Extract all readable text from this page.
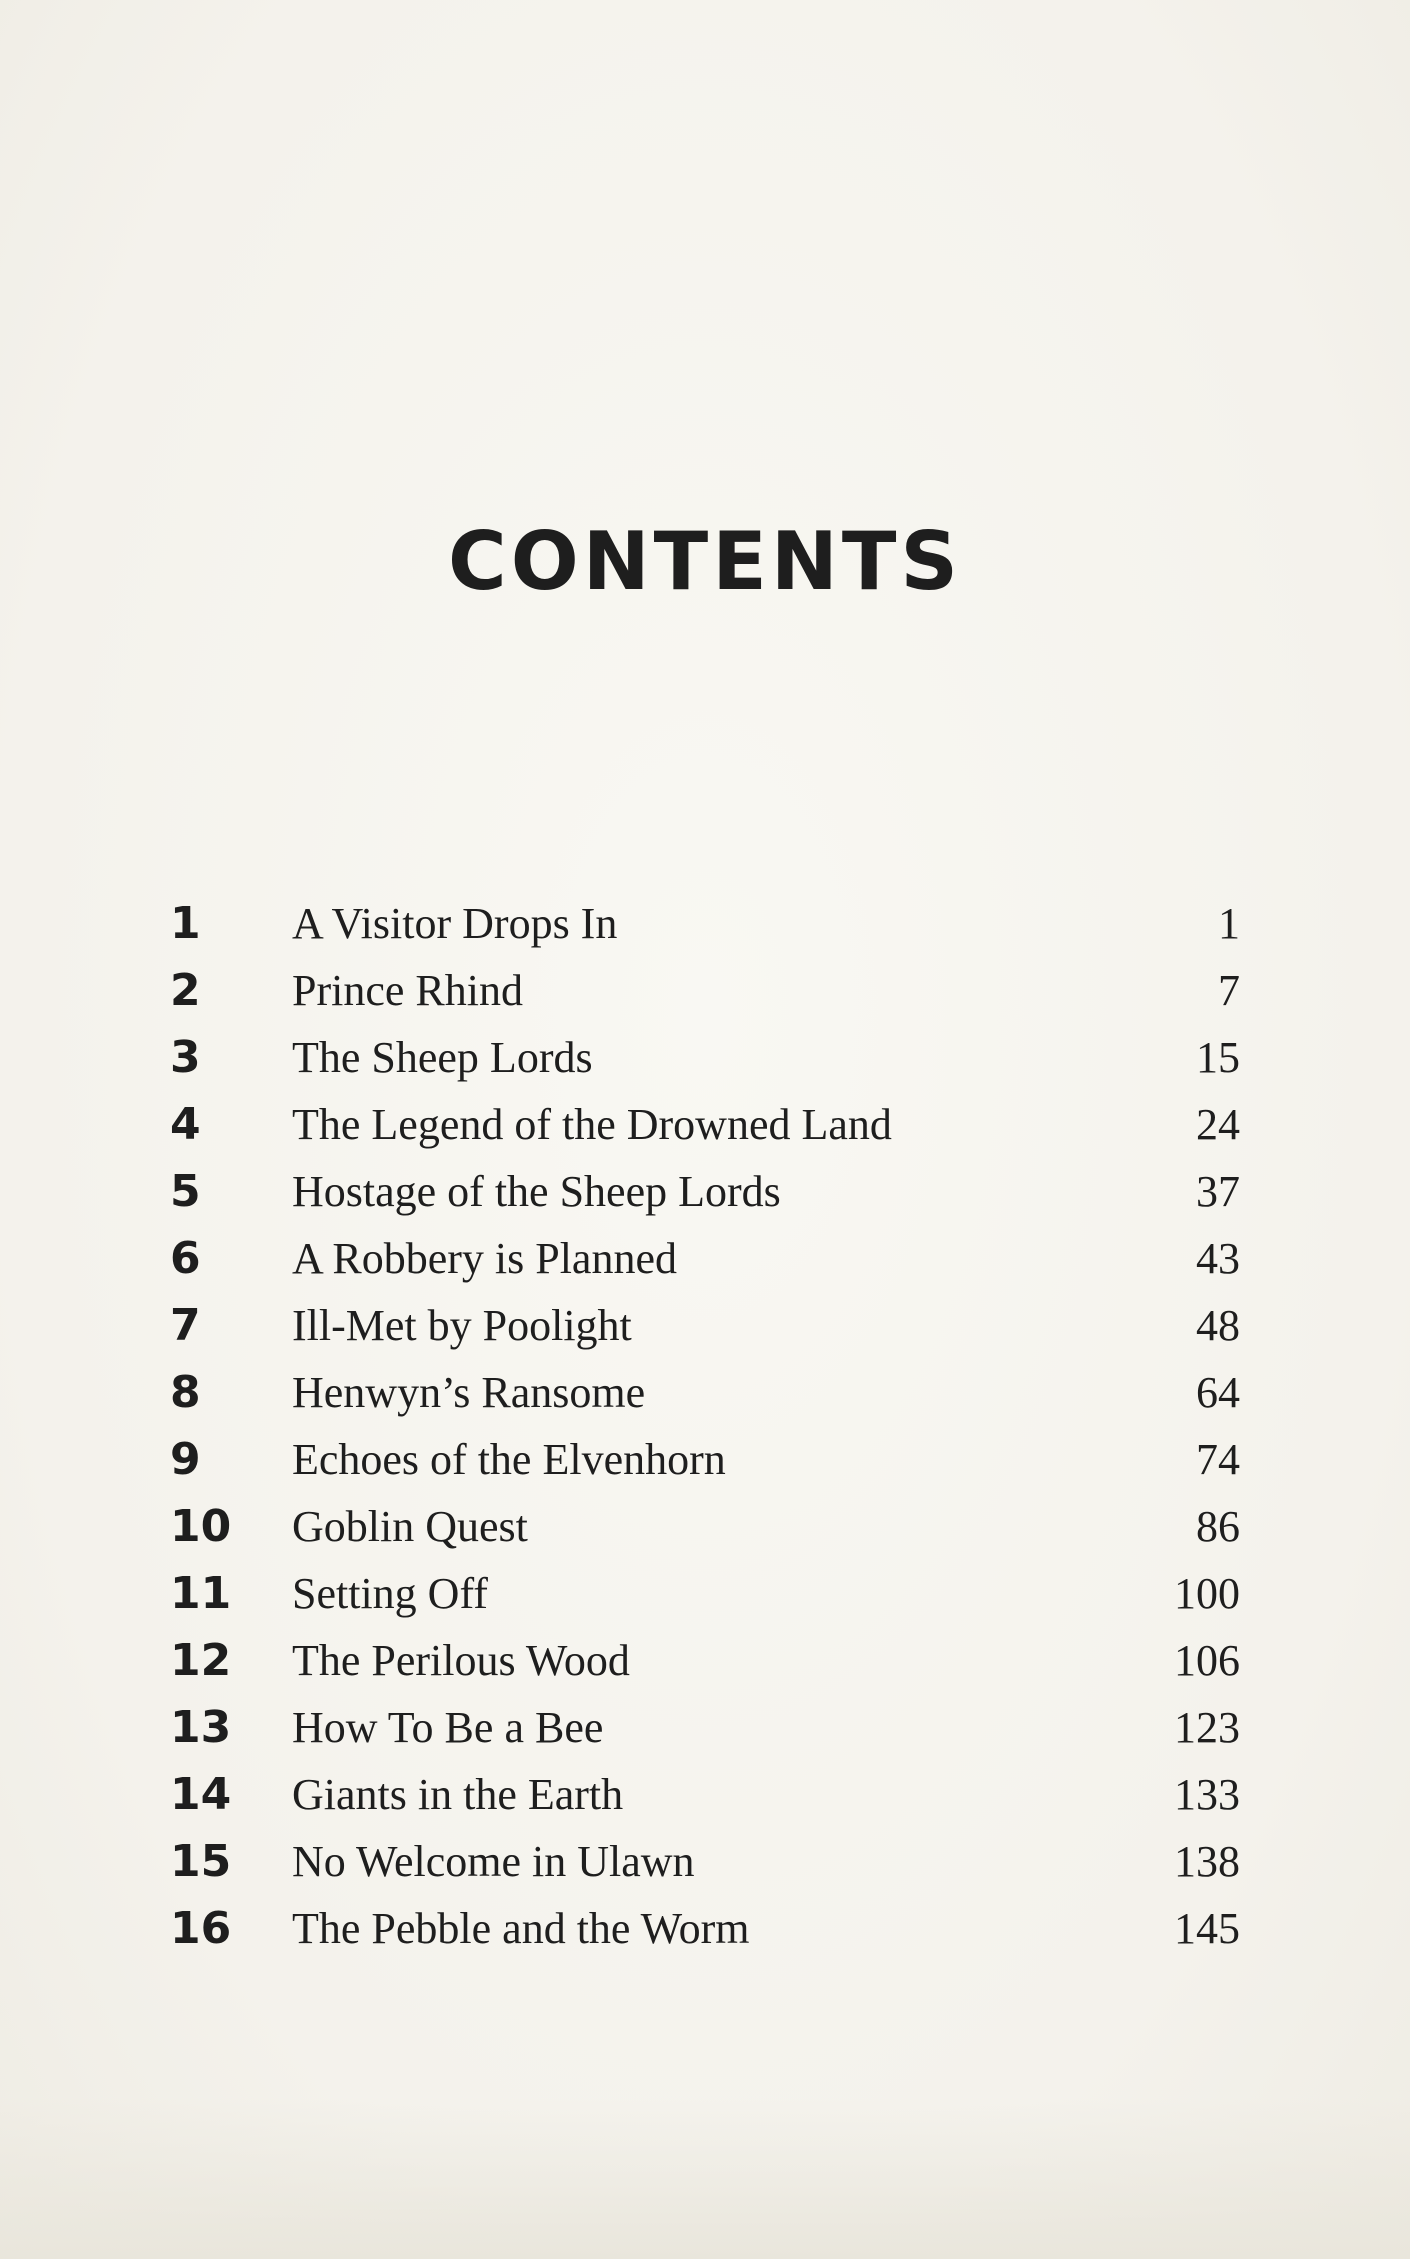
CONTENTS
1 A Visitor Drops In	1
2 Prince Rhind	7
3 The Sheep Lords	15
4 The Legend of the Drowned Land	24
5 Hostage of the Sheep Lords	37
6 A Robbery is Planned	43
7 Ill-Met by Poolight	48
8 Henwyn’s Ransome	64
9 Echoes of the Elvenhorn	74
10 Goblin Quest	86
11 Setting Off	100
12 The Perilous Wood	106
13 How To Be a Bee	123
14 Giants in the Earth	133
15 No Welcome in Ulawn	138
16 The Pebble and the Worm	145
